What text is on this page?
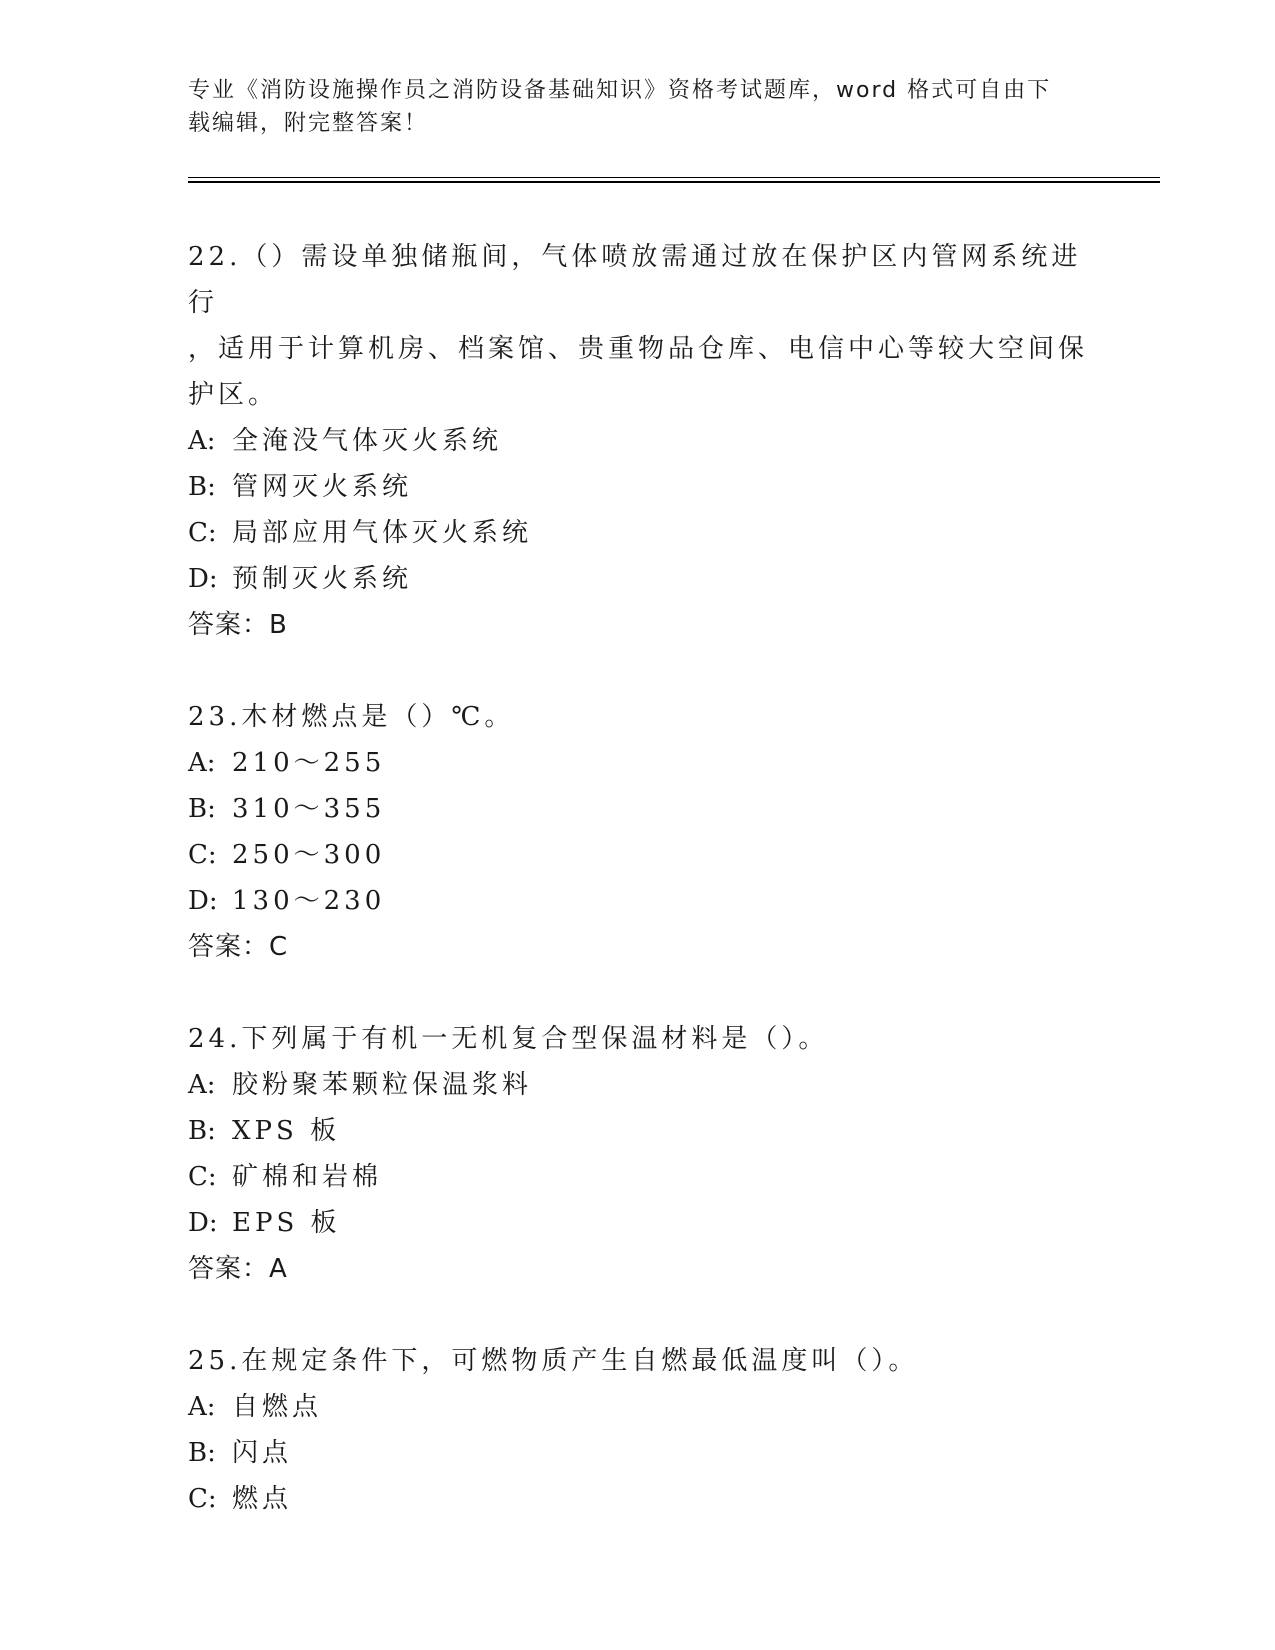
专业《消防设施操作员之消防设备基础知识》资格考试题库，word 格式可自由下
载编辑，附完整答案！

22.（）需设单独储瓶间，气体喷放需通过放在保护区内管网系统进行
，适用于计算机房、档案馆、贵重物品仓库、电信中心等较大空间保
护区。

A: 全淹没气体灭火系统

B: 管网灭火系统

C: 局部应用气体灭火系统

D: 预制灭火系统

答案：B

23.木材燃点是（）℃。

A: 210～255

B: 310～355

C: 250～300

D: 130～230

答案：C

24.下列属于有机一无机复合型保温材料是（）。

A: 胶粉聚苯颗粒保温浆料

B: XPS 板

C: 矿棉和岩棉

D: EPS 板

答案：A

25.在规定条件下，可燃物质产生自燃最低温度叫（）。

A: 自燃点

B: 闪点

C: 燃点
